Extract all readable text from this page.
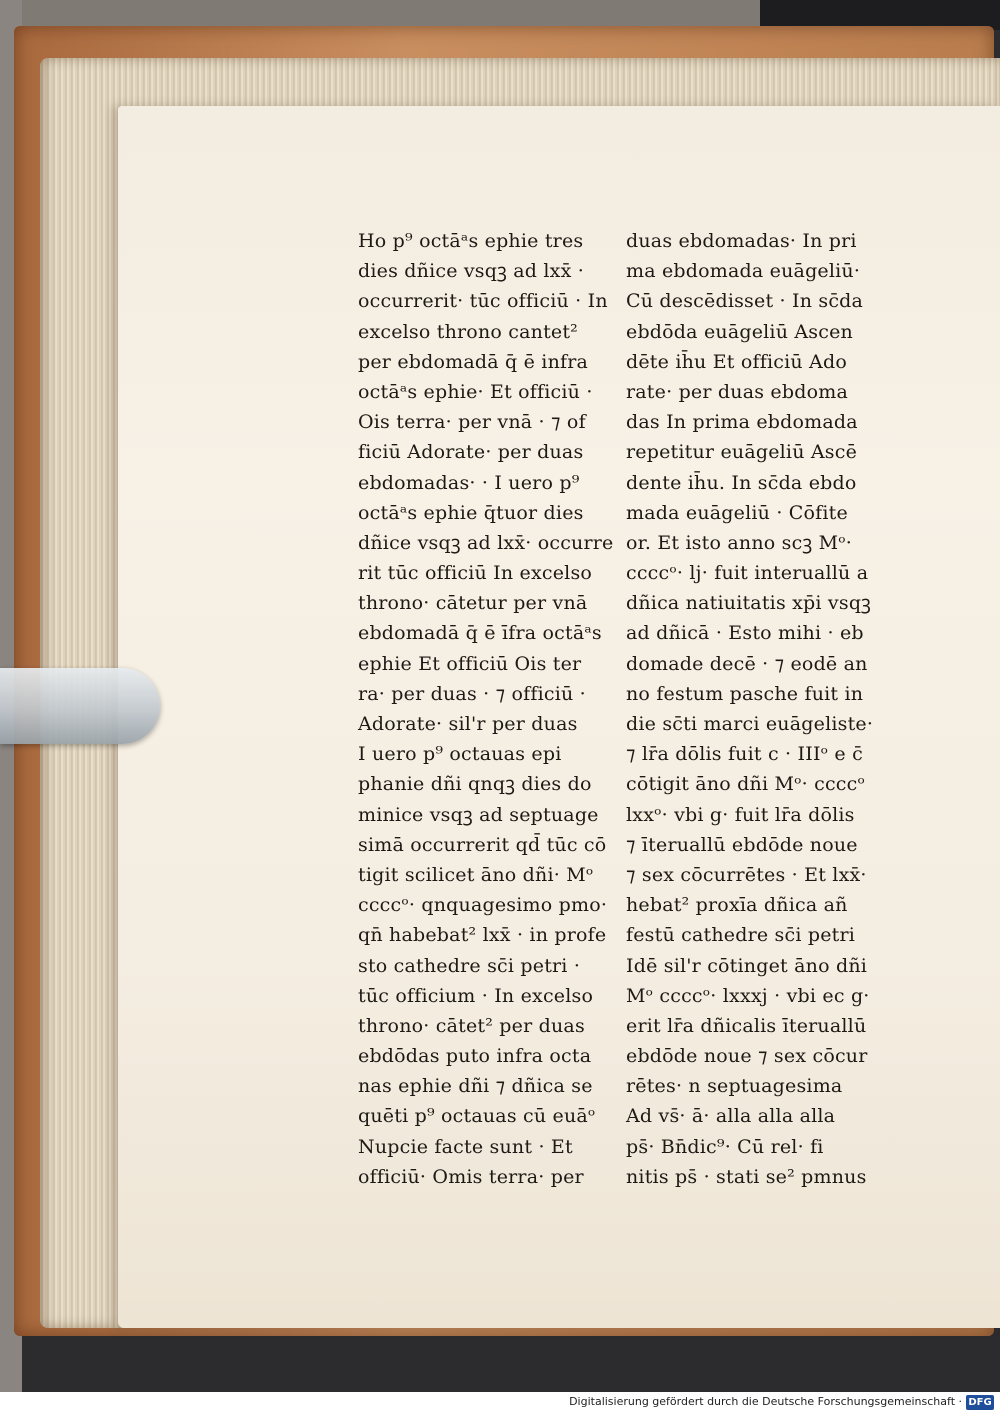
Ho p⁹ octāᵃs ephie tres
dies dñice vsqꝫ ad lxx̄ ·
occurrerit· tūc officiū · In
excelso throno cantet²
per ebdomadā q̄ ē infra
octāᵃs ephie· Et officiū ·
Ois terra· per vnā · ⁊ of
ficiū Adorate· per duas
ebdomadas· · I uero p⁹
octāᵃs ephie q̄tuor dies
dñice vsqꝫ ad lxx̄· occurre
rit tūc officiū In excelso
throno· cātetur per vnā
ebdomadā q̄ ē īfra octāᵃs
ephie Et officiū Ois ter
ra· per duas · ⁊ officiū ·
Adorate· sil'r per duas
I uero p⁹ octauas epi
phanie dñi qnqꝫ dies do
minice vsqꝫ ad septuage
simā occurrerit qd̄ tūc cō
tigit scilicet āno dñi· Mᵒ
ccccᵒ· qnquagesimo pmo·
qn̄ habebat² lxx̄ · in profe
sto cathedre sc̄i petri ·
tūc officium · In excelso
throno· cātet² per duas
ebdōdas puto infra octa
nas ephie dñi ⁊ dñica se
quēti p⁹ octauas cū euāᵒ
Nupcie facte sunt · Et
officiū· Omis terra· per
duas ebdomadas· In pri
ma ebdomada euāgeliū·
Cū descēdisset · In sc̄da
ebdōda euāgeliū Ascen
dēte ih̄u Et officiū Ado
rate· per duas ebdoma
das In prima ebdomada
repetitur euāgeliū Ascē
dente ih̄u. In sc̄da ebdo
mada euāgeliū · Cōfite
or. Et isto anno scꝫ Mᵒ·
ccccᵒ· lj· fuit interuallū a
dñica natiuitatis xp̄i vsqꝫ
ad dñicā · Esto mihi · eb
domade decē · ⁊ eodē an
no festum pasche fuit in
die sc̄ti marci euāgeliste·
⁊ lr̄a dōlis fuit c · IIIᵒ e c̄
cōtigit āno dñi Mᵒ· ccccᵒ
lxxᵒ· vbi g· fuit lr̄a dōlis
⁊ īteruallū ebdōde noue
⁊ sex cōcurrētes · Et lxx̄·
hebat² proxīa dñica añ
festū cathedre sc̄i petri
Idē sil'r cōtinget āno dñi
Mᵒ ccccᵒ· lxxxj · vbi ec g·
erit lr̄a dñicalis īteruallū
ebdōde noue ⁊ sex cōcur
rētes· n septuagesima
Ad vs̄· ā· alla alla alla
ps̄· Bn̄dic⁹· Cū rel· fi
nitis ps̄ · stati se² pmnus
Digitalisierung gefördert durch die Deutsche Forschungsgemeinschaft · DFG
